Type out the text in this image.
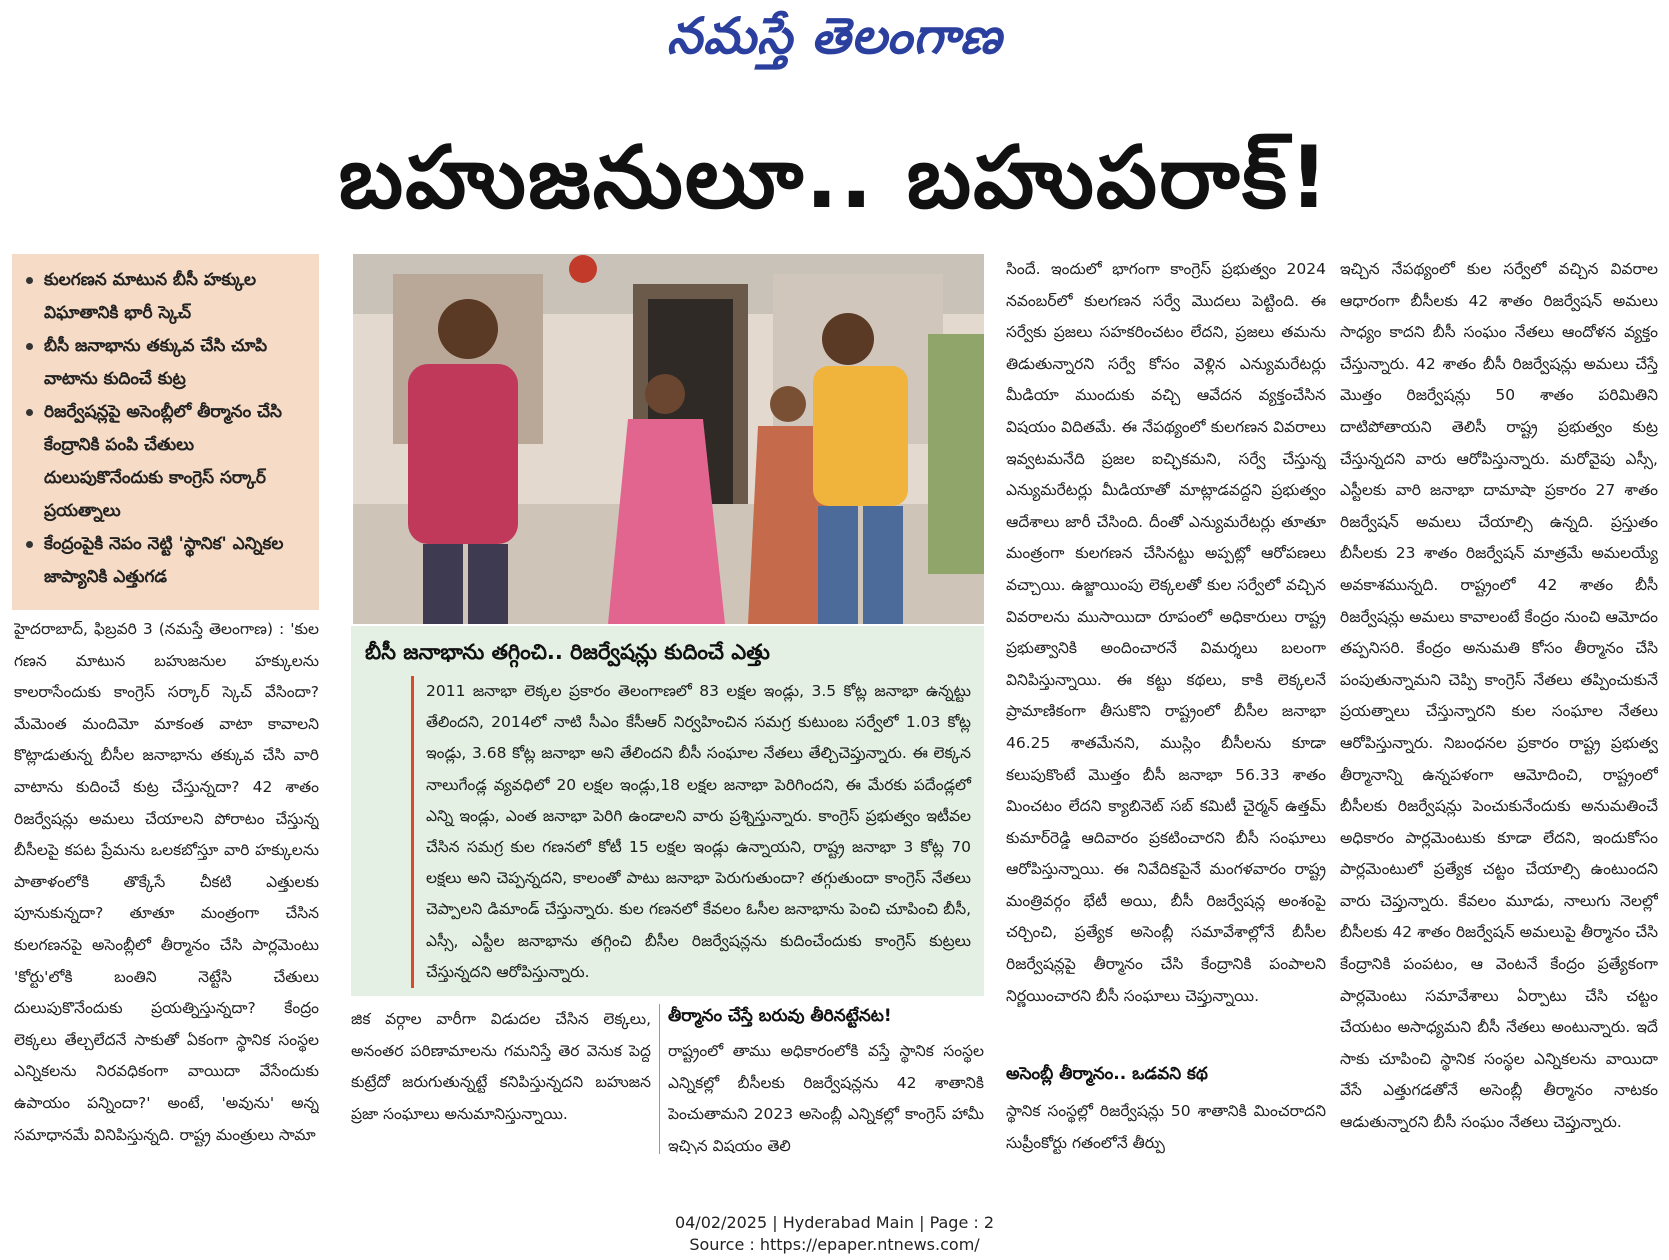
నమస్తే తెలంగాణ
బహుజనులూ.. బహుపరాక్!
కులగణన మాటున బీసీ హక్కుల విఘాతానికి భారీ స్కెచ్
బీసీ జనాభాను తక్కువ చేసి చూపి వాటాను కుదించే కుట్ర
రిజర్వేషన్లపై అసెంబ్లీలో తీర్మానం చేసి కేంద్రానికి పంపి చేతులు దులుపుకొనేందుకు కాంగ్రెస్ సర్కార్ ప్రయత్నాలు
కేంద్రంపైకి నెపం నెట్టి 'స్థానిక' ఎన్నికల జాప్యానికి ఎత్తుగడ

హైదరాబాద్, ఫిబ్రవరి 3 (నమస్తే తెలంగాణ) : 'కుల గణన మాటున బహుజనుల హక్కులను కాలరాసేందుకు కాంగ్రెస్ సర్కార్ స్కెచ్ వేసిందా? మేమెంత మందిమో మాకంత వాటా కావాలని కొట్లాడుతున్న బీసీల జనాభాను తక్కువ చేసి వారి వాటాను కుదించే కుట్ర చేస్తున్నదా? 42 శాతం రిజర్వేషన్లు అమలు చేయాలని పోరాటం చేస్తున్న బీసీలపై కపట ప్రేమను ఒలకబోస్తూ వారి హక్కులను పాతాళంలోకి తొక్కేసే చీకటి ఎత్తులకు పూనుకున్నదా? తూతూ మంత్రంగా చేసిన కులగణనపై అసెంబ్లీలో తీర్మానం చేసి పార్లమెంటు 'కోర్టు'లోకి బంతిని నెట్టేసి చేతులు దులుపుకొనేందుకు ప్రయత్నిస్తున్నదా? కేంద్రం లెక్కలు తేల్చలేదనే సాకుతో ఏకంగా స్థానిక సంస్థల ఎన్నికలను నిరవధికంగా వాయిదా వేసేందుకు ఉపాయం పన్నిందా?' అంటే, 'అవును' అన్న సమాధానమే వినిపిస్తున్నది. రాష్ట్ర మంత్రులు సామా

బీసీ జనాభాను తగ్గించి.. రిజర్వేషన్లు కుదించే ఎత్తు
2011 జనాభా లెక్కల ప్రకారం తెలంగాణలో 83 లక్షల ఇండ్లు, 3.5 కోట్ల జనాభా ఉన్నట్టు తేలిందని, 2014లో నాటి సీఎం కేసీఆర్ నిర్వహించిన సమగ్ర కుటుంబ సర్వేలో 1.03 కోట్ల ఇండ్లు, 3.68 కోట్ల జనాభా అని తేలిందని బీసీ సంఘాల నేతలు తేల్చిచెప్తున్నారు. ఈ లెక్కన నాలుగేండ్ల వ్యవధిలో 20 లక్షల ఇండ్లు,18 లక్షల జనాభా పెరిగిందని, ఈ మేరకు పదేండ్లలో ఎన్ని ఇండ్లు, ఎంత జనాభా పెరిగి ఉండాలని వారు ప్రశ్నిస్తున్నారు. కాంగ్రెస్ ప్రభుత్వం ఇటీవల చేసిన సమగ్ర కుల గణనలో కోటీ 15 లక్షల ఇండ్లు ఉన్నాయని, రాష్ట్ర జనాభా 3 కోట్ల 70 లక్షలు అని చెప్పన్నదని, కాలంతో పాటు జనాభా పెరుగుతుందా? తగ్గుతుందా కాంగ్రెస్ నేతలు చెప్పాలని డిమాండ్ చేస్తున్నారు. కుల గణనలో కేవలం ఓసీల జనాభాను పెంచి చూపించి బీసీ, ఎస్సీ, ఎస్టీల జనాభాను తగ్గించి బీసీల రిజర్వేషన్లను కుదించేందుకు కాంగ్రెస్ కుట్రలు చేస్తున్నదని ఆరోపిస్తున్నారు.

జిక వర్గాల వారీగా విడుదల చేసిన లెక్కలు, అనంతర పరిణామాలను గమనిస్తే తెర వెనుక పెద్ద కుట్రేదో జరుగుతున్నట్టే కనిపిస్తున్నదని బహుజన ప్రజా సంఘాలు అనుమానిస్తున్నాయి.

తీర్మానం చేస్తే బరువు తీరినట్టేనట!
రాష్ట్రంలో తాము అధికారంలోకి వస్తే స్థానిక సంస్థల ఎన్నికల్లో బీసీలకు రిజర్వేషన్లను 42 శాతానికి పెంచుతామని 2023 అసెంబ్లీ ఎన్నికల్లో కాంగ్రెస్ హామీ ఇచ్చిన విషయం తెలి
సిందే. ఇందులో భాగంగా కాంగ్రెస్ ప్రభుత్వం 2024 నవంబర్‌లో కులగణన సర్వే మొదలు పెట్టింది. ఈ సర్వేకు ప్రజలు సహకరించటం లేదని, ప్రజలు తమను తిడుతున్నారని సర్వే కోసం వెళ్లిన ఎన్యుమరేటర్లు మీడియా ముందుకు వచ్చి ఆవేదన వ్యక్తంచేసిన విషయం విదితమే. ఈ నేపథ్యంలో కులగణన వివరాలు ఇవ్వటమనేది ప్రజల ఐచ్ఛికమని, సర్వే చేస్తున్న ఎన్యుమరేటర్లు మీడియాతో మాట్లాడవద్దని ప్రభుత్వం ఆదేశాలు జారీ చేసింది. దీంతో ఎన్యుమరేటర్లు తూతూ మంత్రంగా కులగణన చేసినట్టు అప్పట్లో ఆరోపణలు వచ్చాయి. ఉజ్జాయింపు లెక్కలతో కుల సర్వేలో వచ్చిన వివరాలను ముసాయిదా రూపంలో అధికారులు రాష్ట్ర ప్రభుత్వానికి అందించారనే విమర్శలు బలంగా వినిపిస్తున్నాయి. ఈ కట్టు కథలు, కాకి లెక్కలనే ప్రామాణికంగా తీసుకొని రాష్ట్రంలో బీసీల జనాభా 46.25 శాతమేనని, ముస్లిం బీసీలను కూడా కలుపుకొంటే మొత్తం బీసీ జనాభా 56.33 శాతం మించటం లేదని క్యాబినెట్ సబ్ కమిటీ చైర్మన్ ఉత్తమ్ కుమార్‌రెడ్డి ఆదివారం ప్రకటించారని బీసీ సంఘాలు ఆరోపిస్తున్నాయి. ఈ నివేదికపైనే మంగళవారం రాష్ట్ర మంత్రివర్గం భేటీ అయి, బీసీ రిజర్వేషన్ల అంశంపై చర్చించి, ప్రత్యేక అసెంబ్లీ సమావేశాల్లోనే బీసీల రిజర్వేషన్లపై తీర్మానం చేసి కేంద్రానికి పంపాలని నిర్ణయించారని బీసీ సంఘాలు చెప్తున్నాయి.
అసెంబ్లీ తీర్మానం.. ఒడవని కథ
స్థానిక సంస్థల్లో రిజర్వేషన్లు 50 శాతానికి మించరాదని సుప్రీంకోర్టు గతంలోనే తీర్పు

ఇచ్చిన నేపథ్యంలో కుల సర్వేలో వచ్చిన వివరాల ఆధారంగా బీసీలకు 42 శాతం రిజర్వేషన్ అమలు సాధ్యం కాదని బీసీ సంఘం నేతలు ఆందోళన వ్యక్తం చేస్తున్నారు. 42 శాతం బీసీ రిజర్వేషన్లు అమలు చేస్తే మొత్తం రిజర్వేషన్లు 50 శాతం పరిమితిని దాటిపోతాయని తెలిసీ రాష్ట్ర ప్రభుత్వం కుట్ర చేస్తున్నదని వారు ఆరోపిస్తున్నారు. మరోవైపు ఎస్సీ, ఎస్టీలకు వారి జనాభా దామాషా ప్రకారం 27 శాతం రిజర్వేషన్ అమలు చేయాల్సి ఉన్నది. ప్రస్తుతం బీసీలకు 23 శాతం రిజర్వేషన్ మాత్రమే అమలయ్యే అవకాశమున్నది. రాష్ట్రంలో 42 శాతం బీసీ రిజర్వేషన్లు అమలు కావాలంటే కేంద్రం నుంచి ఆమోదం తప్పనిసరి. కేంద్రం అనుమతి కోసం తీర్మానం చేసి పంపుతున్నామని చెప్పి కాంగ్రెస్ నేతలు తప్పించుకునే ప్రయత్నాలు చేస్తున్నారని కుల సంఘాల నేతలు ఆరోపిస్తున్నారు. నిబంధనల ప్రకారం రాష్ట్ర ప్రభుత్వ తీర్మానాన్ని ఉన్నపళంగా ఆమోదించి, రాష్ట్రంలో బీసీలకు రిజర్వేషన్లు పెంచుకునేందుకు అనుమతించే అధికారం పార్లమెంటుకు కూడా లేదని, ఇందుకోసం పార్లమెంటులో ప్రత్యేక చట్టం చేయాల్సి ఉంటుందని వారు చెప్తున్నారు. కేవలం మూడు, నాలుగు నెలల్లో బీసీలకు 42 శాతం రిజర్వేషన్ అమలుపై తీర్మానం చేసి కేంద్రానికి పంపటం, ఆ వెంటనే కేంద్రం ప్రత్యేకంగా పార్లమెంటు సమావేశాలు ఏర్పాటు చేసి చట్టం చేయటం అసాధ్యమని బీసీ నేతలు అంటున్నారు. ఇదే సాకు చూపించి స్థానిక సంస్థల ఎన్నికలను వాయిదా వేసే ఎత్తుగడతోనే అసెంబ్లీ తీర్మానం నాటకం ఆడుతున్నారని బీసీ సంఘం నేతలు చెప్తున్నారు.

04/02/2025 | Hyderabad Main | Page : 2
Source : https://epaper.ntnews.com/
